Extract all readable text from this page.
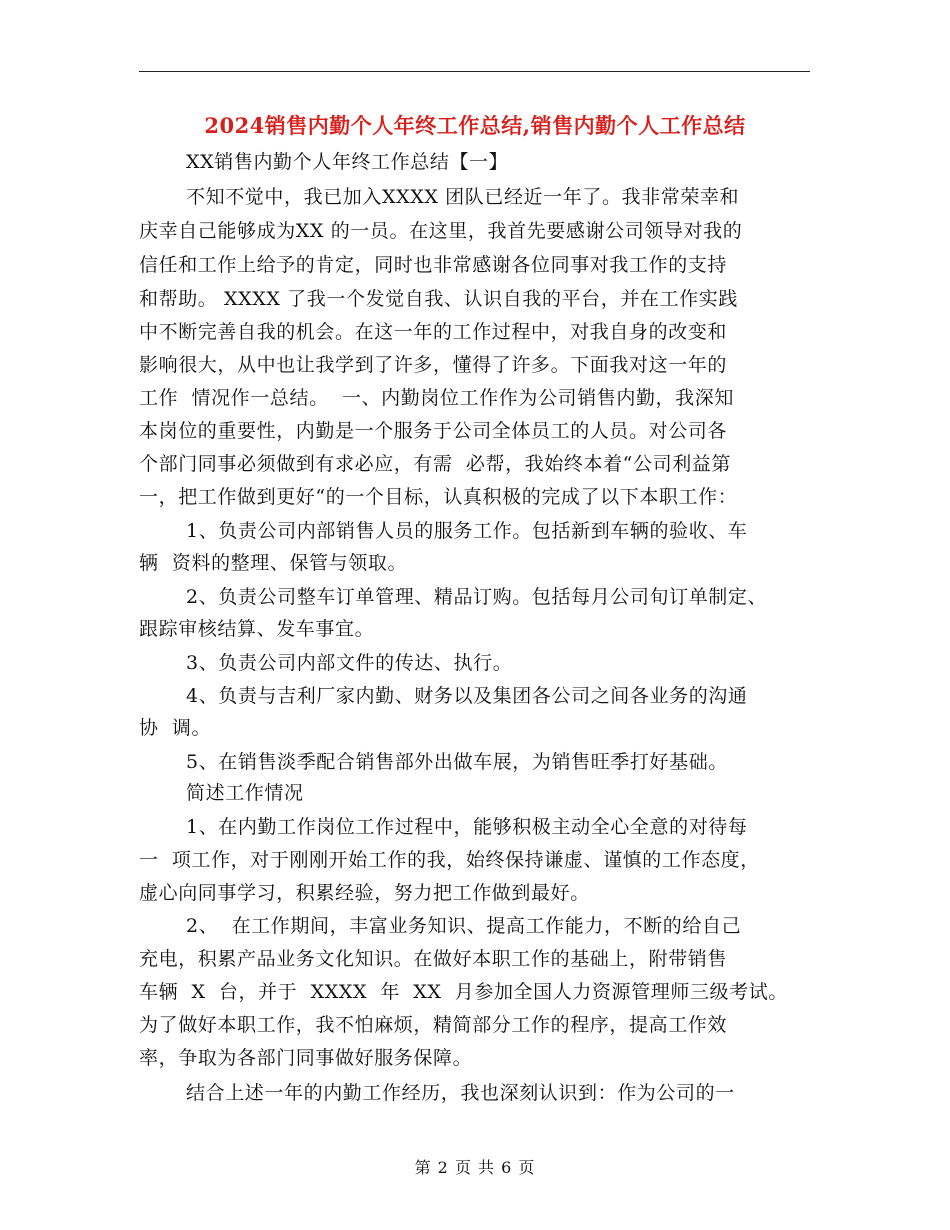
2024销售内勤个人年终工作总结,销售内勤个人工作总结
XX销售内勤个人年终工作总结【一】
不知不觉中，我已加入XXXX 团队已经近一年了。我非常荣幸和
庆幸自己能够成为XX 的一员。在这里，我首先要感谢公司领导对我的
信任和工作上给予的肯定，同时也非常感谢各位同事对我工作的支持
和帮助。 XXXX 了我一个发觉自我、认识自我的平台，并在工作实践
中不断完善自我的机会。在这一年的工作过程中，对我自身的改变和
影响很大，从中也让我学到了许多，懂得了许多。下面我对这一年的
工作  情况作一总结。  一、内勤岗位工作作为公司销售内勤，我深知
本岗位的重要性，内勤是一个服务于公司全体员工的人员。对公司各
个部门同事必须做到有求必应，有需  必帮，我始终本着“公司利益第
一，把工作做到更好“的一个目标，认真积极的完成了以下本职工作：
1、负责公司内部销售人员的服务工作。包括新到车辆的验收、车
辆  资料的整理、保管与领取。
2、负责公司整车订单管理、精品订购。包括每月公司旬订单制定、
跟踪审核结算、发车事宜。
3、负责公司内部文件的传达、执行。
4、负责与吉利厂家内勤、财务以及集团各公司之间各业务的沟通
协  调。
5、在销售淡季配合销售部外出做车展，为销售旺季打好基础。
简述工作情况
1、在内勤工作岗位工作过程中，能够积极主动全心全意的对待每
一  项工作，对于刚刚开始工作的我，始终保持谦虚、谨慎的工作态度，
虚心向同事学习，积累经验，努力把工作做到最好。
2、  在工作期间，丰富业务知识、提高工作能力，不断的给自己
充电，积累产品业务文化知识。在做好本职工作的基础上，附带销售
车辆  X  台，并于  XXXX  年  XX  月参加全国人力资源管理师三级考试。
为了做好本职工作，我不怕麻烦，精简部分工作的程序，提高工作效
率，争取为各部门同事做好服务保障。
结合上述一年的内勤工作经历，我也深刻认识到：作为公司的一
第 2 页 共 6 页
